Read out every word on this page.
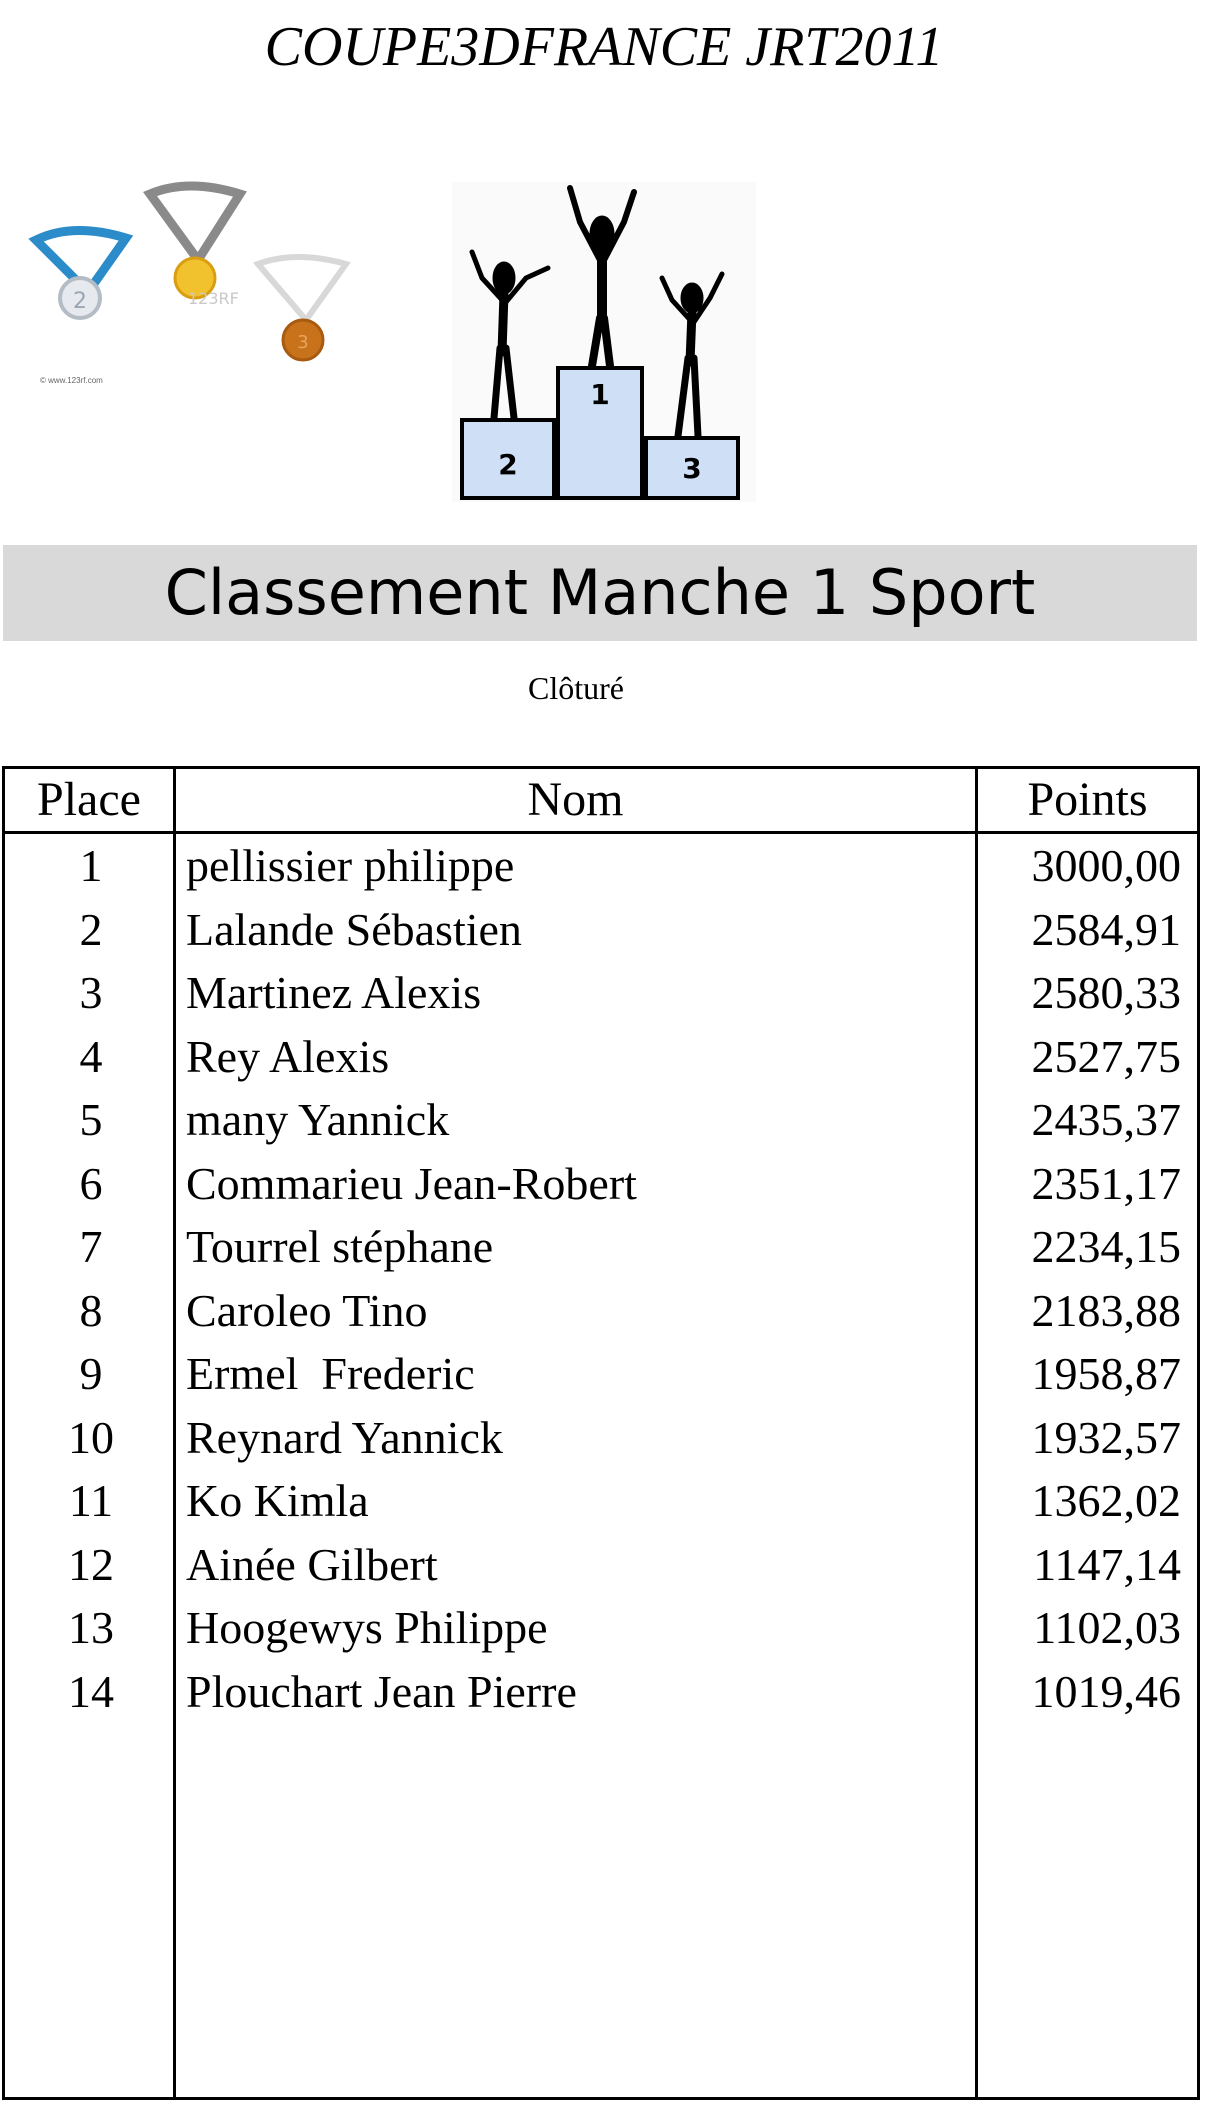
COUPE3DFRANCE JRT2011
2	123RF
3
© www.123rf.com
2
1
3
Classement Manche 1 Sport
Clôturé
Place	Nom	Points
1	pellissier philippe	3000,00
2	Lalande Sébastien	2584,91
3	Martinez Alexis	2580,33
4	Rey Alexis	2527,75
5	many Yannick	2435,37
6	Commarieu Jean-Robert	2351,17
7	Tourrel stéphane	2234,15
8	Caroleo Tino	2183,88
9	Ermel  Frederic	1958,87
10	Reynard Yannick	1932,57
11	Ko Kimla	1362,02
12	Ainée Gilbert	1147,14
13	Hoogewys Philippe	1102,03
14	Plouchart Jean Pierre	1019,46
